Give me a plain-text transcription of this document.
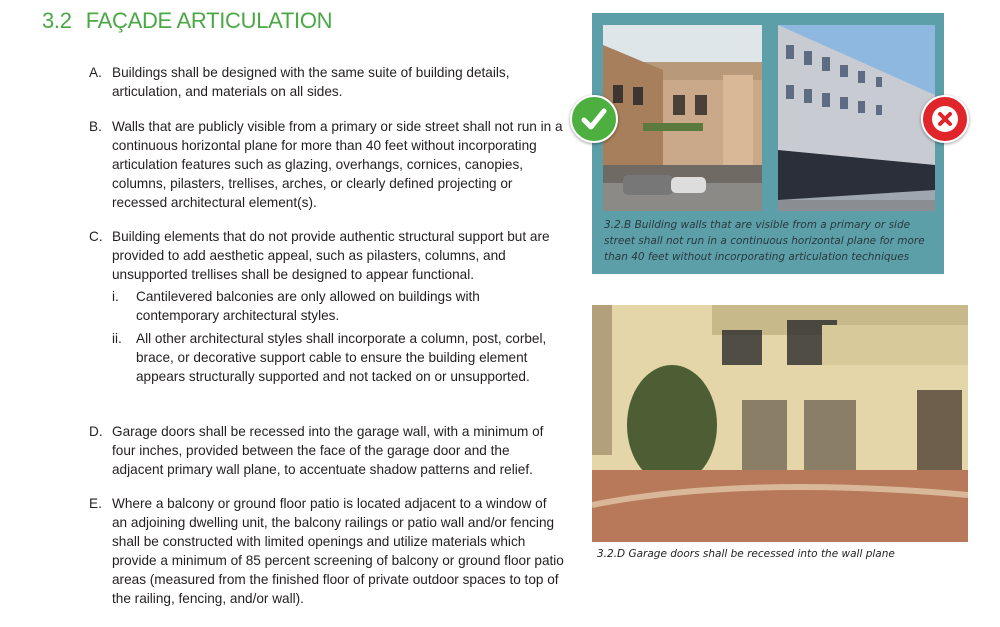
3.2 FAÇADE ARTICULATION
A. Buildings shall be designed with the same suite of building details, articulation, and materials on all sides.
B. Walls that are publicly visible from a primary or side street shall not run in a continuous horizontal plane for more than 40 feet without incorporating articulation features such as glazing, overhangs, cornices, canopies, columns, pilasters, trellises, arches, or clearly defined projecting or recessed architectural element(s).
C. Building elements that do not provide authentic structural support but are provided to add aesthetic appeal, such as pilasters, columns, and unsupported trellises shall be designed to appear functional.
i. Cantilevered balconies are only allowed on buildings with contemporary architectural styles.
ii. All other architectural styles shall incorporate a column, post, corbel, brace, or decorative support cable to ensure the building element appears structurally supported and not tacked on or unsupported.
D. Garage doors shall be recessed into the garage wall, with a minimum of four inches, provided between the face of the garage door and the adjacent primary wall plane, to accentuate shadow patterns and relief.
E. Where a balcony or ground floor patio is located adjacent to a window of an adjoining dwelling unit, the balcony railings or patio wall and/or fencing shall be constructed with limited openings and utilize materials which provide a minimum of 85 percent screening of balcony or ground floor patio areas (measured from the finished floor of private outdoor spaces to top of the railing, fencing, and/or wall).
3.2.B Building walls that are visible from a primary or side street shall not run in a continuous horizontal plane for more than 40 feet without incorporating articulation techniques
3.2.D Garage doors shall be recessed into the wall plane
